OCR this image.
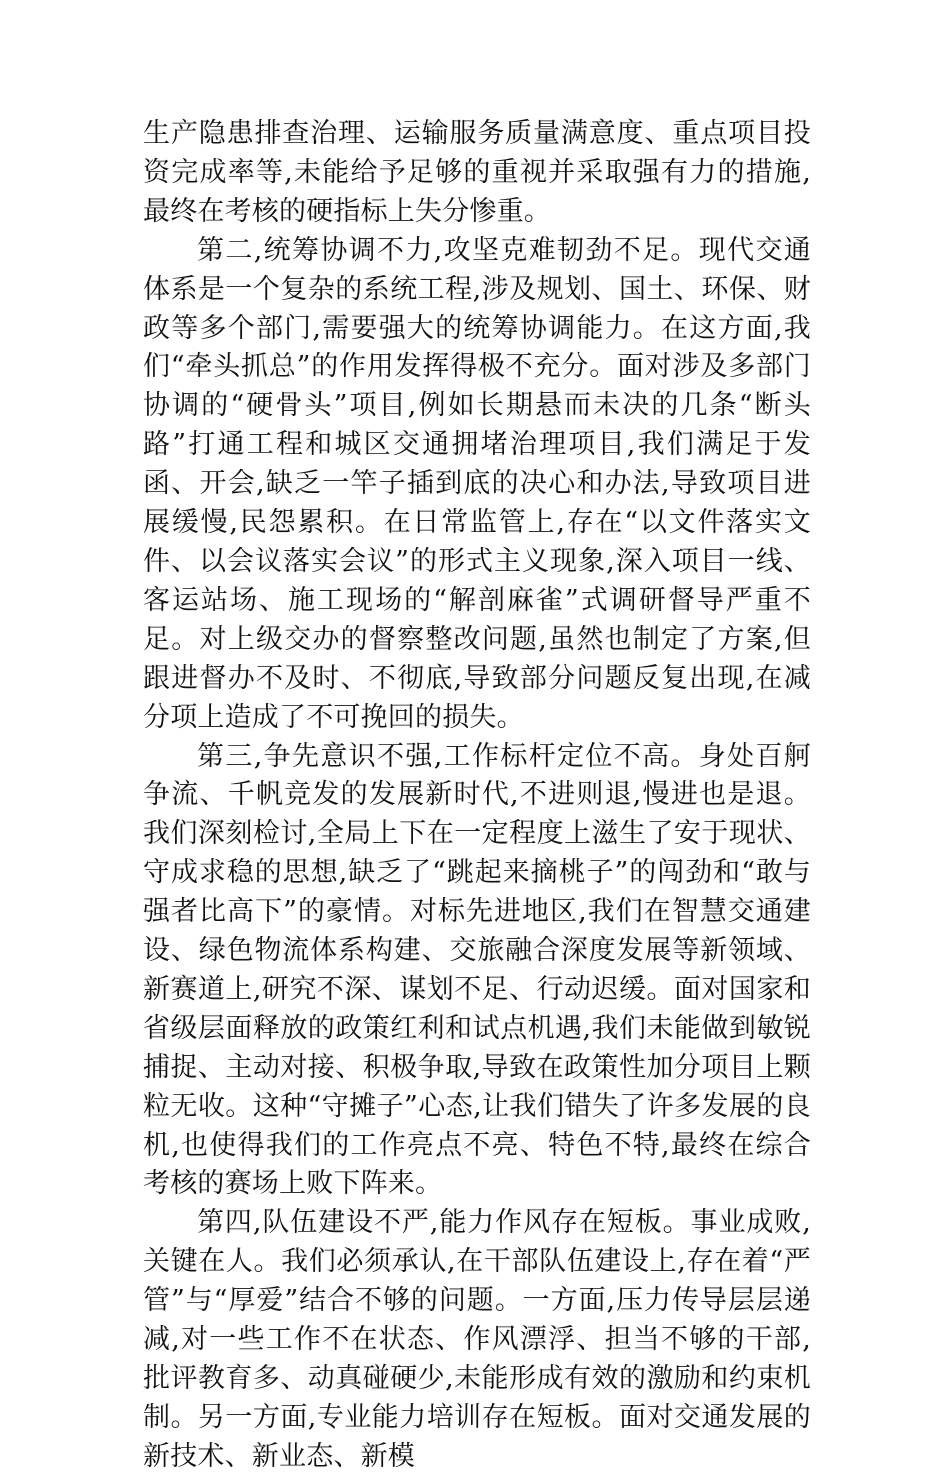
生产隐患排查治理、运输服务质量满意度、重点项目投资完成率等,未能给予足够的重视并采取强有力的措施,最终在考核的硬指标上失分惨重。

第二,统筹协调不力,攻坚克难韧劲不足。现代交通体系是一个复杂的系统工程,涉及规划、国土、环保、财政等多个部门,需要强大的统筹协调能力。在这方面,我们“牵头抓总”的作用发挥得极不充分。面对涉及多部门协调的“硬骨头”项目,例如长期悬而未决的几条“断头路”打通工程和城区交通拥堵治理项目,我们满足于发函、开会,缺乏一竿子插到底的决心和办法,导致项目进展缓慢,民怨累积。在日常监管上,存在“以文件落实文件、以会议落实会议”的形式主义现象,深入项目一线、客运站场、施工现场的“解剖麻雀”式调研督导严重不足。对上级交办的督察整改问题,虽然也制定了方案,但跟进督办不及时、不彻底,导致部分问题反复出现,在减分项上造成了不可挽回的损失。

第三,争先意识不强,工作标杆定位不高。身处百舸争流、千帆竞发的发展新时代,不进则退,慢进也是退。我们深刻检讨,全局上下在一定程度上滋生了安于现状、守成求稳的思想,缺乏了“跳起来摘桃子”的闯劲和“敢与强者比高下”的豪情。对标先进地区,我们在智慧交通建设、绿色物流体系构建、交旅融合深度发展等新领域、新赛道上,研究不深、谋划不足、行动迟缓。面对国家和省级层面释放的政策红利和试点机遇,我们未能做到敏锐捕捉、主动对接、积极争取,导致在政策性加分项目上颗粒无收。这种“守摊子”心态,让我们错失了许多发展的良机,也使得我们的工作亮点不亮、特色不特,最终在综合考核的赛场上败下阵来。

第四,队伍建设不严,能力作风存在短板。事业成败,关键在人。我们必须承认,在干部队伍建设上,存在着“严管”与“厚爱”结合不够的问题。一方面,压力传导层层递减,对一些工作不在状态、作风漂浮、担当不够的干部,批评教育多、动真碰硬少,未能形成有效的激励和约束机制。另一方面,专业能力培训存在短板。面对交通发展的新技术、新业态、新模
